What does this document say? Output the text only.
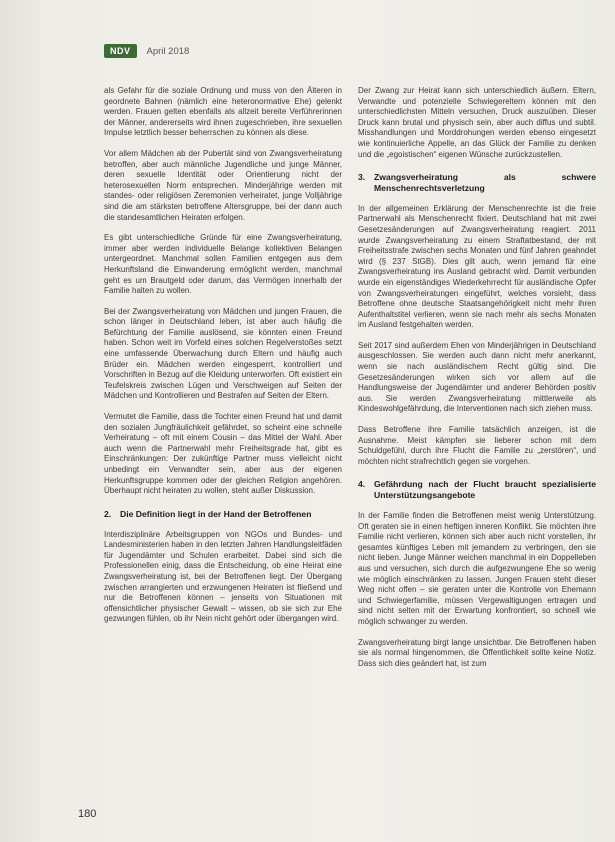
NDV	April 2018

als Gefahr für die soziale Ordnung und muss von den Älteren in geordnete Bahnen (nämlich eine heteronormative Ehe) gelenkt werden. Frauen gelten ebenfalls als allzeit bereite Verführerinnen der Männer, andererseits wird ihnen zugeschrieben, ihre sexuellen Impulse letztlich besser beherrschen zu können als diese.

Vor allem Mädchen ab der Pubertät sind von Zwangsverheiratung betroffen, aber auch männliche Jugendliche und junge Männer, deren sexuelle Identität oder Orientierung nicht der heterosexuellen Norm entsprechen. Minderjährige werden mit standes- oder religiösen Zeremonien verheiratet, junge Volljährige sind die am stärksten betroffene Altersgruppe, bei der dann auch die standesamtlichen Heiraten erfolgen.

Es gibt unterschiedliche Gründe für eine Zwangsverheiratung, immer aber werden individuelle Belange kollektiven Belangen untergeordnet. Manchmal sollen Familien entgegen aus dem Herkunftsland die Einwanderung ermöglicht werden, manchmal geht es um Brautgeld oder darum, das Vermögen innerhalb der Familie halten zu wollen.

Bei der Zwangsverheiratung von Mädchen und jungen Frauen, die schon länger in Deutschland leben, ist aber auch häufig die Befürchtung der Familie auslösend, sie könnten einen Freund haben. Schon weit im Vorfeld eines solchen Regelverstoßes setzt eine umfassende Überwachung durch Eltern und häufig auch Brüder ein. Mädchen werden eingesperrt, kontrolliert und Vorschriften in Bezug auf die Kleidung unterworfen. Oft existiert ein Teufelskreis zwischen Lügen und Verschweigen auf Seiten der Mädchen und Kontrollieren und Bestrafen auf Seiten der Eltern.

Vermutet die Familie, dass die Tochter einen Freund hat und damit den sozialen Jungfräulichkeit gefährdet, so scheint eine schnelle Verheiratung – oft mit einem Cousin – das Mittel der Wahl. Aber auch wenn die Partnerwahl mehr Freiheitsgrade hat, gibt es Einschränkungen: Der zukünftige Partner muss vielleicht nicht unbedingt ein Verwandter sein, aber aus der eigenen Herkunftsgruppe kommen oder der gleichen Religion angehören. Überhaupt nicht heiraten zu wollen, steht außer Diskussion.

2.	Die Definition liegt in der Hand der Betroffenen

Interdisziplinäre Arbeitsgruppen von NGOs und Bundes- und Landesministerien haben in den letzten Jahren Handlungsleitfäden für Jugendämter und Schulen erarbeitet. Dabei sind sich die Professionellen einig, dass die Entscheidung, ob eine Heirat eine Zwangsverheiratung ist, bei der Betroffenen liegt. Der Übergang zwischen arrangierten und erzwungenen Heiraten ist fließend und nur die Betroffenen können – jenseits von Situationen mit offensichtlicher physischer Gewalt – wissen, ob sie sich zur Ehe gezwungen fühlen, ob ihr Nein nicht gehört oder übergangen wird.

Der Zwang zur Heirat kann sich unterschiedlich äußern. Eltern, Verwandte und potenzielle Schwiegereltern können mit den unterschiedlichsten Mitteln versuchen, Druck auszuüben. Dieser Druck kann brutal und physisch sein, aber auch diffus und subtil. Misshandlungen und Morddrohungen werden ebenso eingesetzt wie kontinuierliche Appelle, an das Glück der Familie zu denken und die „egoistischen“ eigenen Wünsche zurückzustellen.

3.	Zwangsverheiratung als schwere Menschenrechtsverletzung

In der allgemeinen Erklärung der Menschenrechte ist die freie Partnerwahl als Menschenrecht fixiert. Deutschland hat mit zwei Gesetzesänderungen auf Zwangsverheiratung reagiert. 2011 wurde Zwangsverheiratung zu einem Straftatbestand, der mit Freiheitsstrafe zwischen sechs Monaten und fünf Jahren geahndet wird (§ 237 StGB). Dies gilt auch, wenn jemand für eine Zwangsverheiratung ins Ausland gebracht wird. Damit verbunden wurde ein eigenständiges Wiederkehrrecht für ausländische Opfer von Zwangsverheiratungen eingeführt, welches vorsieht, dass Betroffene ohne deutsche Staatsangehörigkeit nicht mehr ihren Aufenthaltstitel verlieren, wenn sie nach mehr als sechs Monaten im Ausland festgehalten werden.

Seit 2017 sind außerdem Ehen von Minderjährigen in Deutschland ausgeschlossen. Sie werden auch dann nicht mehr anerkannt, wenn sie nach ausländischem Recht gültig sind. Die Gesetzesänderungen wirken sich vor allem auf die Handlungsweise der Jugendämter und anderer Behörden positiv aus. Sie werden Zwangsverheiratung mittlerweile als Kindeswohlgefährdung, die Interventionen nach sich ziehen muss.

Dass Betroffene ihre Familie tatsächlich anzeigen, ist die Ausnahme. Meist kämpfen sie lieberer schon mit dem Schuldgefühl, durch ihre Flucht die Familie zu „zerstören“, und möchten nicht strafrechtlich gegen sie vorgehen.

4.	Gefährdung nach der Flucht braucht spezialisierte Unterstützungsangebote

In der Familie finden die Betroffenen meist wenig Unterstützung. Oft geraten sie in einen heftigen inneren Konflikt. Sie möchten ihre Familie nicht verlieren, können sich aber auch nicht vorstellen, ihr gesamtes künftiges Leben mit jemandem zu verbringen, den sie nicht lieben. Junge Männer weichen manchmal in ein Doppelleben aus und versuchen, sich durch die aufgezwungene Ehe so wenig wie möglich einschränken zu lassen. Jungen Frauen steht dieser Weg nicht offen – sie geraten unter die Kontrolle von Ehemann und Schwiegerfamilie, müssen Vergewaltigungen ertragen und sind nicht selten mit der Erwartung konfrontiert, so schnell wie möglich schwanger zu werden.

Zwangsverheiratung birgt lange unsichtbar. Die Betroffenen haben sie als normal hingenommen, die Öffentlichkeit sollte keine Notiz. Dass sich dies geändert hat, ist zum

180
